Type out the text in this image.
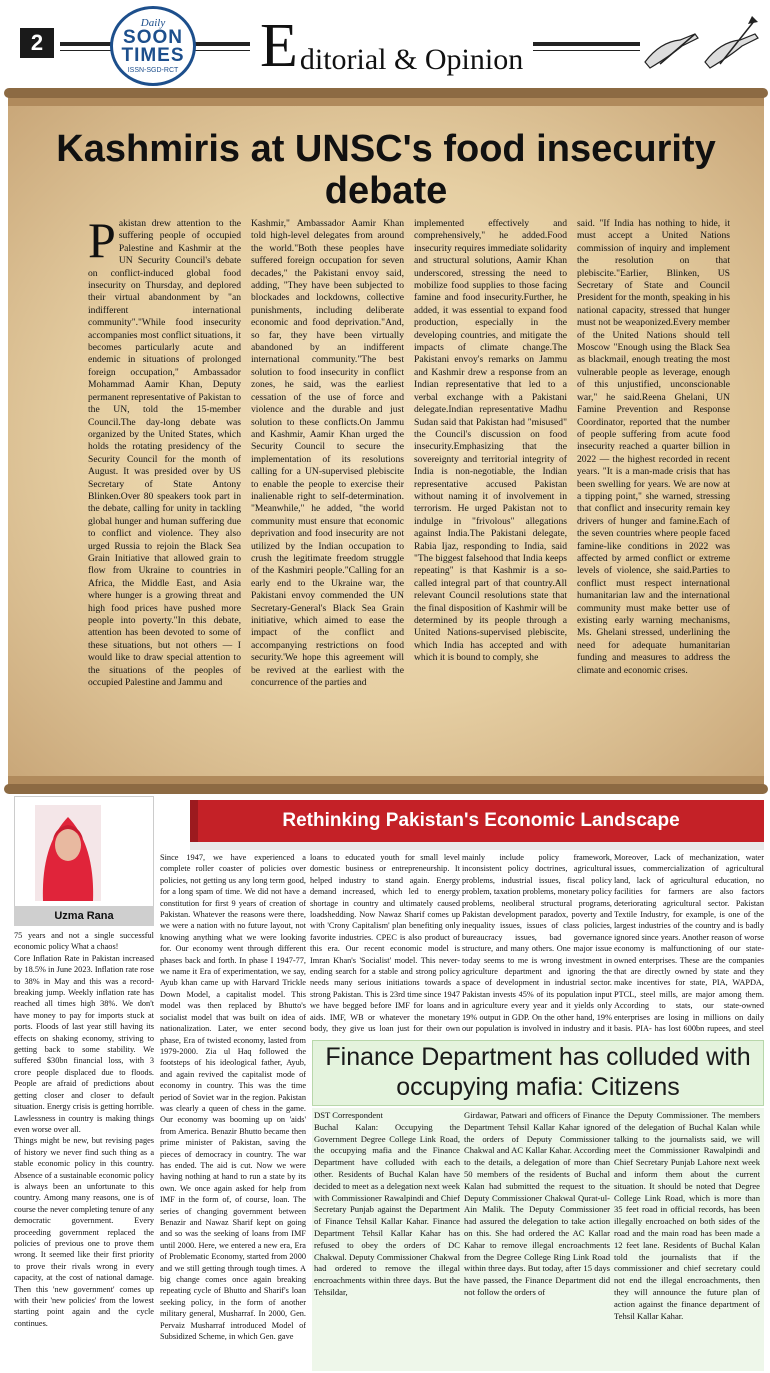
2
Daily
SOON
TIMES
ISSN-SGD-RCT E ditorial & Opinion
Kashmiris at UNSC's food insecurity debate
Pakistan drew attention to the suffering people of occupied Palestine and Kashmir at the UN Security Council's debate on conflict-induced global food insecurity on Thursday, and deplored their virtual abandonment by "an indifferent international community"."While food insecurity accompanies most conflict situations, it becomes particularly acute and endemic in situations of prolonged foreign occupation," Ambassador Mohammad Aamir Khan, Deputy permanent representative of Pakistan to the UN, told the 15-member Council.The day-long debate was organized by the United States, which holds the rotating presidency of the Security Council for the month of August. It was presided over by US Secretary of State Antony Blinken.Over 80 speakers took part in the debate, calling for unity in tackling global hunger and human suffering due to conflict and violence. They also urged Russia to rejoin the Black Sea Grain Initiative that allowed grain to flow from Ukraine to countries in Africa, the Middle East, and Asia where hunger is a growing threat and high food prices have pushed more people into poverty."In this debate, attention has been devoted to some of these situations, but not others — I would like to draw special attention to the situations of the peoples of occupied Palestine and Jammu and
Kashmir," Ambassador Aamir Khan told high-level delegates from around the world."Both these peoples have suffered foreign occupation for seven decades," the Pakistani envoy said, adding, "They have been subjected to blockades and lockdowns, collective punishments, including deliberate economic and food deprivation."And, so far, they have been virtually abandoned by an indifferent international community."The best solution to food insecurity in conflict zones, he said, was the earliest cessation of the use of force and violence and the durable and just solution to these conflicts.On Jammu and Kashmir, Aamir Khan urged the Security Council to secure the implementation of its resolutions calling for a UN-supervised plebiscite to enable the people to exercise their inalienable right to self-determination. "Meanwhile," he added, "the world community must ensure that economic deprivation and food insecurity are not utilized by the Indian occupation to crush the legitimate freedom struggle of the Kashmiri people."Calling for an early end to the Ukraine war, the Pakistani envoy commended the UN Secretary-General's Black Sea Grain initiative, which aimed to ease the impact of the conflict and accompanying restrictions on food security.'We hope this agreement will be revived at the earliest with the concurrence of the parties and
implemented effectively and comprehensively," he added.Food insecurity requires immediate solidarity and structural solutions, Aamir Khan underscored, stressing the need to mobilize food supplies to those facing famine and food insecurity.Further, he added, it was essential to expand food production, especially in the developing countries, and mitigate the impacts of climate change.The Pakistani envoy's remarks on Jammu and Kashmir drew a response from an Indian representative that led to a verbal exchange with a Pakistani delegate.Indian representative Madhu Sudan said that Pakistan had "misused" the Council's discussion on food insecurity.Emphasizing that the sovereignty and territorial integrity of India is non-negotiable, the Indian representative accused Pakistan without naming it of involvement in terrorism. He urged Pakistan not to indulge in "frivolous" allegations against India.The Pakistani delegate, Rabia Ijaz, responding to India, said "The biggest falsehood that India keeps repeating" is that Kashmir is a so-called integral part of that country.All relevant Council resolutions state that the final disposition of Kashmir will be determined by its people through a United Nations-supervised plebiscite, which India has accepted and with which it is bound to comply, she
said. "If India has nothing to hide, it must accept a United Nations commission of inquiry and implement the resolution on that plebiscite."Earlier, Blinken, US Secretary of State and Council President for the month, speaking in his national capacity, stressed that hunger must not be weaponized.Every member of the United Nations should tell Moscow "Enough using the Black Sea as blackmail, enough treating the most vulnerable people as leverage, enough of this unjustified, unconscionable war," he said.Reena Ghelani, UN Famine Prevention and Response Coordinator, reported that the number of people suffering from acute food insecurity reached a quarter billion in 2022 — the highest recorded in recent years. "It is a man-made crisis that has been swelling for years. We are now at a tipping point," she warned, stressing that conflict and insecurity remain key drivers of hunger and famine.Each of the seven countries where people faced famine-like conditions in 2022 was affected by armed conflict or extreme levels of violence, she said.Parties to conflict must respect international humanitarian law and the international community must make better use of existing early warning mechanisms, Ms. Ghelani stressed, underlining the need for adequate humanitarian funding and measures to address the climate and economic crises.
Uzma Rana
Rethinking Pakistan's Economic Landscape
75 years and not a single successful economic policy What a chaos!
Core Inflation Rate in Pakistan increased by 18.5% in June 2023. Inflation rate rose to 38% in May and this was a record-breaking jump. Weekly inflation rate has reached all times high 38%. We don't have money to pay for imports stuck at ports. Floods of last year still having its effects on shaking economy, striving to getting back to some stability. We suffered $30bn financial loss, with 3 crore people displaced due to floods. People are afraid of predictions about getting closer and closer to default situation. Energy crisis is getting horrible. Lawlessness in country is making things even worse over all.
Things might be new, but revising pages of history we never find such thing as a stable economic policy in this country. Absence of a sustainable economic policy is always been an unfortunate to this country. Among many reasons, one is of course the never completing tenure of any democratic government. Every proceeding government replaced the policies of previous one to prove them wrong. It seemed like their first priority to prove their rivals wrong in every capacity, at the cost of national damage. Then this 'new government' comes up with their 'new policies' from the lowest starting point again and the cycle continues.
Since 1947, we have experienced a complete roller coaster of policies over policies, not getting us any long term good, for a long spam of time. We did not have a constitution for first 9 years of creation of Pakistan. Whatever the reasons were there, we were a nation with no future layout, not knowing anything what we were looking for. Our economy went through different phases back and forth. In phase I 1947-77, we name it Era of experimentation, we say, Ayub khan came up with Harvard Trickle Down Model, a capitalist model. This model was then replaced by Bhutto's socialist model that was built on idea of nationalization. Later, we enter second phase, Era of twisted economy, lasted from 1979-2000. Zia ul Haq followed the footsteps of his ideological father, Ayub, and again revived the capitalist mode of economy in country. This was the time period of Soviet war in the region. Pakistan was clearly a queen of chess in the game. Our economy was booming up on 'aids' from America. Benazir Bhutto became then prime minister of Pakistan, saving the pieces of democracy in country. The war has ended. The aid is cut. Now we were having nothing at hand to run a state by its own. We once again asked for help from IMF in the form of, of course, loan. The series of changing government between Benazir and Nawaz Sharif kept on going and so was the seeking of loans from IMF until 2000. Here, we entered a new era, Era of Problematic Economy, started from 2000 and we still getting through tough times. A big change comes once again breaking repeating cycle of Bhutto and Sharif's loan seeking policy, in the form of another military general, Musharraf. In 2000, Gen. Pervaiz Musharraf introduced Model of Subsidized Scheme, in which Gen. gave
Finance Department has colluded with occupying mafia: Citizens
DST Correspondent
Buchal Kalan: Occupying the Government Degree College Link Road, the occupying mafia and the Finance Department have colluded with each other. Residents of Buchal Kalan have decided to meet as a delegation next week with Commissioner Rawalpindi and Chief Secretary Punjab against the Department of Finance Tehsil Kallar Kahar. Finance Department Tehsil Kallar Kahar has refused to obey the orders of DC Chakwal. Deputy Commissioner Chakwal had ordered to remove the illegal encroachments within three days. But the Tehsildar,
Girdawar, Patwari and officers of Finance Department Tehsil Kallar Kahar ignored the orders of Deputy Commissioner Chakwal and AC Kallar Kahar. According to the details, a delegation of more than 50 members of the residents of Buchal Kalan had submitted the request to the Deputy Commissioner Chakwal Qurat-ul-Ain Malik. The Deputy Commissioner had assured the delegation to take action on this. She had ordered the AC Kallar Kahar to remove illegal encroachments from the Degree College Ring Link Road within three days. But today, after 15 days have passed, the Finance Department did not follow the orders of
the Deputy Commissioner. The members of the delegation of Buchal Kalan while talking to the journalists said, we will meet the Commissioner Rawalpindi and Chief Secretary Punjab Lahore next week and inform them about the current situation. It should be noted that Degree College Link Road, which is more than 35 feet road in official records, has been illegally encroached on both sides of the road and the main road has been made a 12 feet lane. Residents of Buchal Kalan told the journalists that if the commissioner and chief secretary could not end the illegal encroachments, then they will announce the future plan of action against the finance department of Tehsil Kallar Kahar.
loans to educated youth for small level domestic business or entrepreneurship. It helped industry to stand again. Energy demand increased, which led to energy shortage in country and ultimately caused loadshedding. Now Nawaz Sharif comes up with 'Crony Capitalism' plan benefiting only favorite industries. CPEC is also product of this era. Our recent economic model is Imran Khan's 'Socialist' model. This never-ending search for a stable and strong policy needs many serious initiations towards a strong Pakistan. This is 23rd time since 1947 we have begged before IMF for loans and aids. IMF, WB or whatever the monetary body, they give us loan just for their own
mainly include policy framework, inconsistent policy doctrines, agricultural problems, industrial issues, fiscal policy problem, taxation problems, monetary policy problems, neoliberal structural programs, Pakistan development paradox, poverty and inequality issues, issues of class policies, bureaucracy issues, bad governance structure, and many others. One major issue today seems to me is wrong investment in agriculture department and ignoring the space of development in industrial sector. Pakistan invests 45% of its population input in agriculture every year and it yields only 19% output in GDP. On the other hand, 19% our population is involved in industry and it
Moreover, Lack of mechanization, water issues, commercialization of agricultural land, lack of agricultural education, no facilities for farmers are also factors deteriorating agricultural sector. Pakistan Textile Industry, for example, is one of the largest industries of the country and is badly ignored since years. Another reason of worse economy is malfunctioning of our state-owned enterprises. These are the companies that are directly owned by state and they make incentives for state, PIA, WAPDA, PTCL, steel mills, are major among them. According to stats, our state-owned enterprises are losing in millions on daily basis. PIA- has lost 600bn rupees, and steel
